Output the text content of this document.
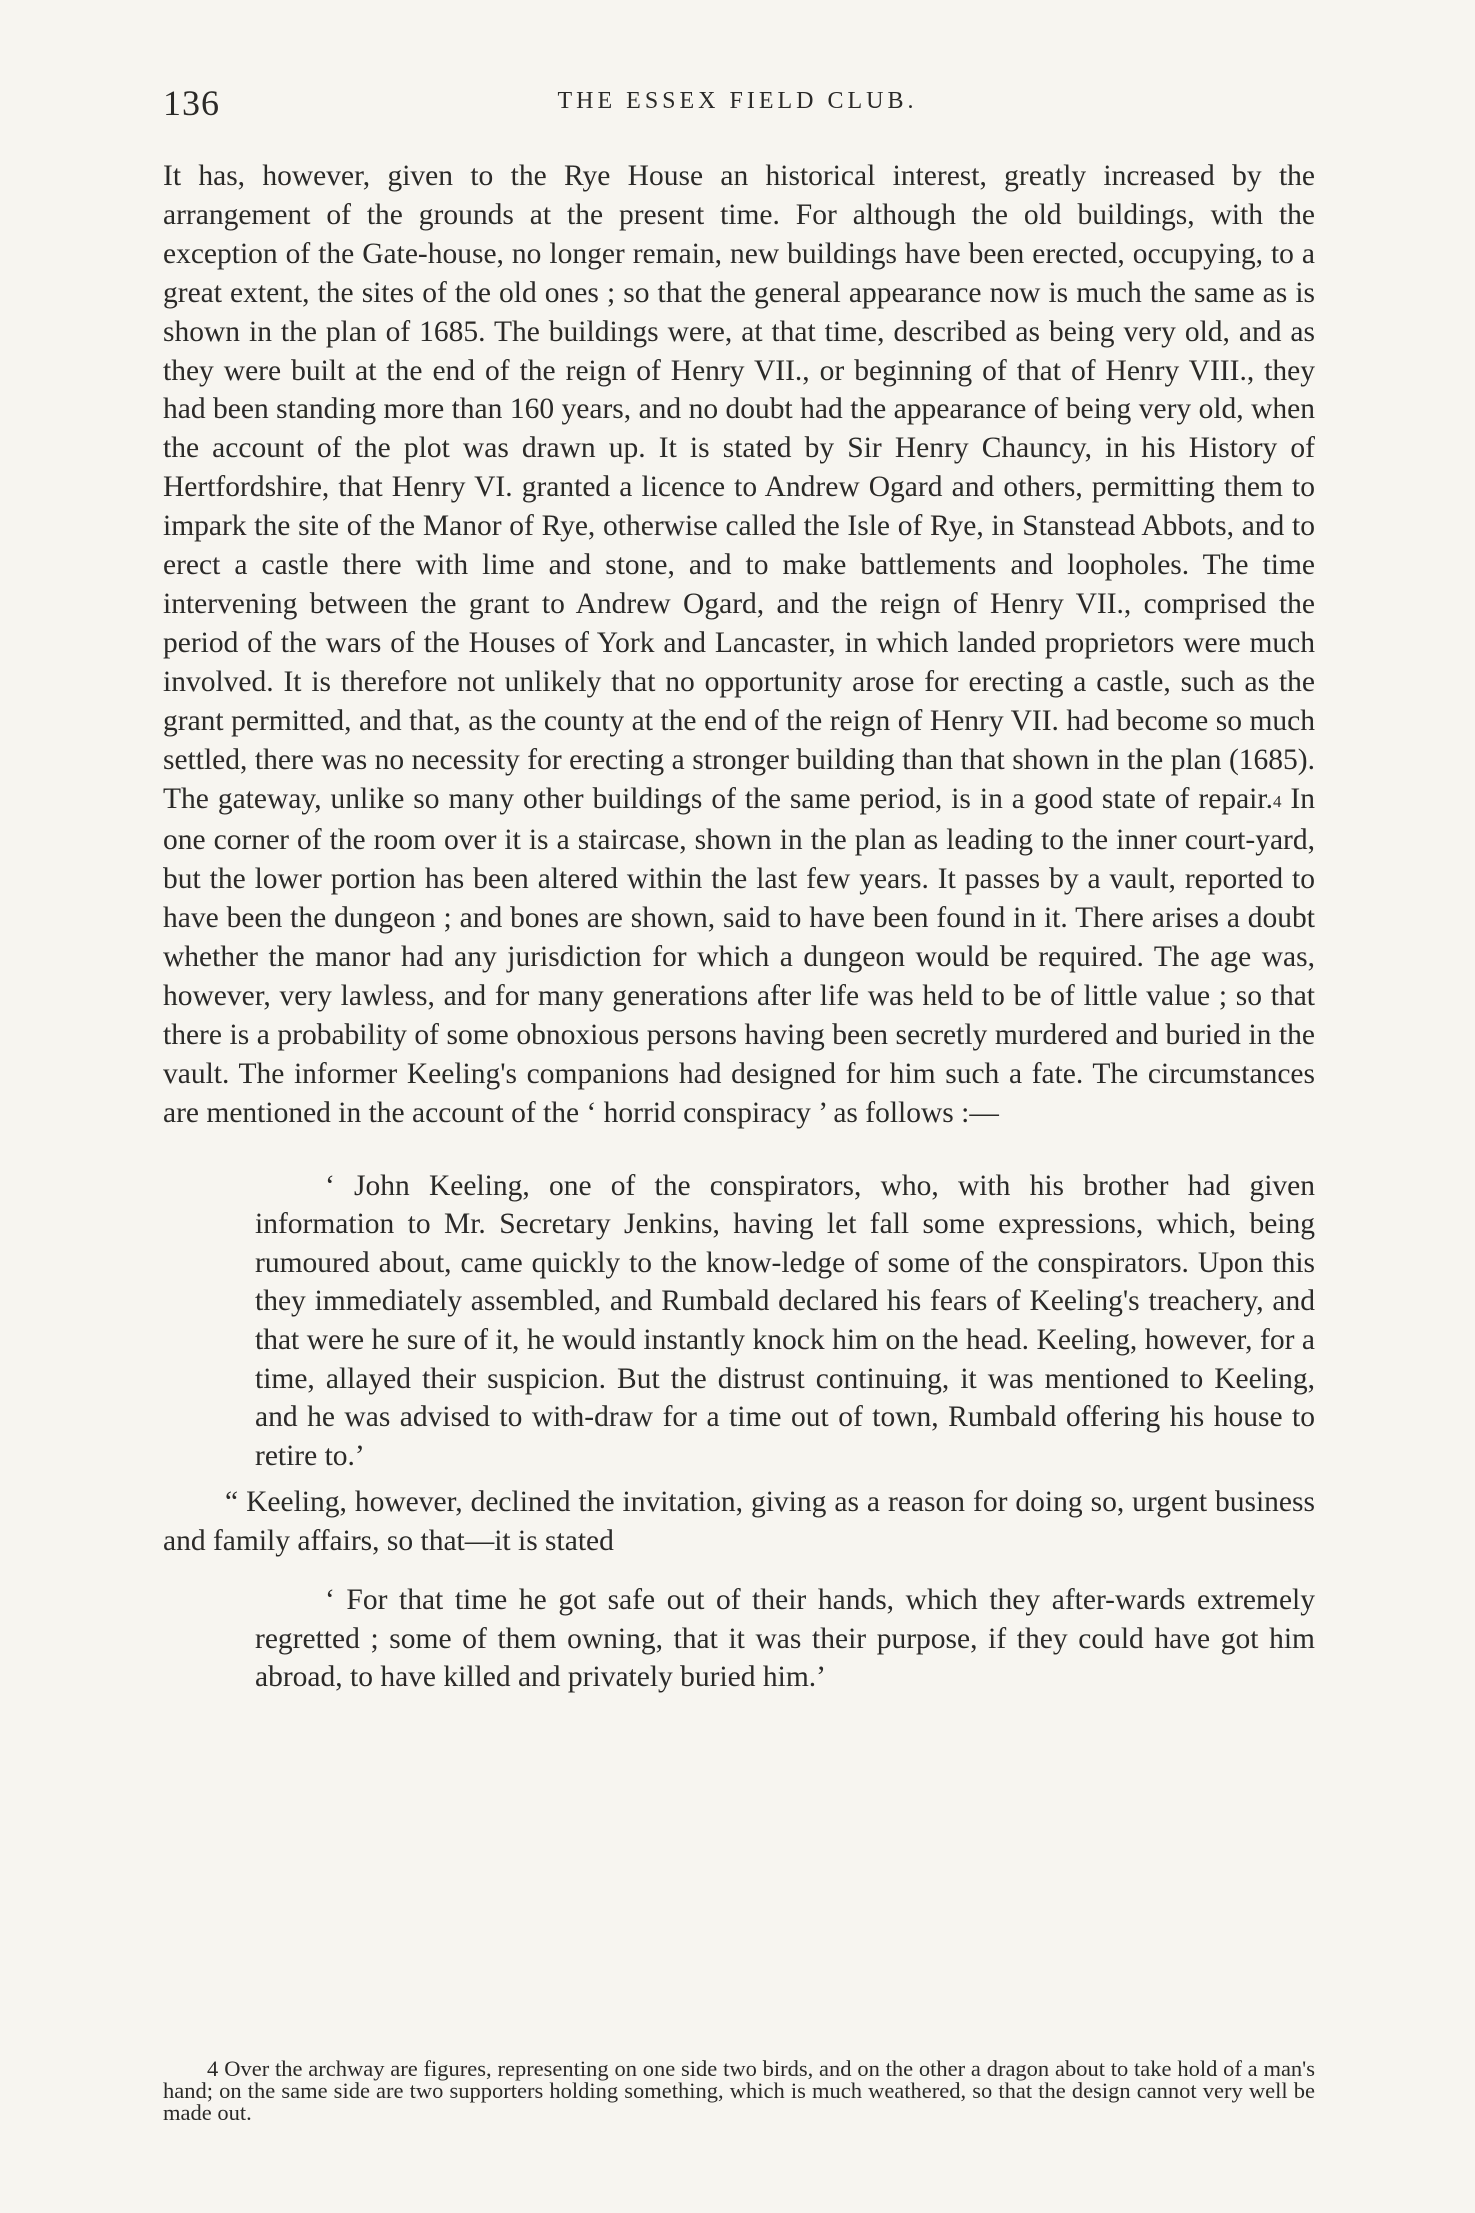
136	THE ESSEX FIELD CLUB.

It has, however, given to the Rye House an historical interest, greatly increased by the arrangement of the grounds at the present time. For although the old buildings, with the exception of the Gate-house, no longer remain, new buildings have been erected, occupying, to a great extent, the sites of the old ones ; so that the general appearance now is much the same as is shown in the plan of 1685. The buildings were, at that time, described as being very old, and as they were built at the end of the reign of Henry VII., or beginning of that of Henry VIII., they had been standing more than 160 years, and no doubt had the appearance of being very old, when the account of the plot was drawn up. It is stated by Sir Henry Chauncy, in his History of Hertfordshire, that Henry VI. granted a licence to Andrew Ogard and others, permitting them to impark the site of the Manor of Rye, otherwise called the Isle of Rye, in Stanstead Abbots, and to erect a castle there with lime and stone, and to make battlements and loopholes. The time intervening between the grant to Andrew Ogard, and the reign of Henry VII., comprised the period of the wars of the Houses of York and Lancaster, in which landed proprietors were much involved. It is therefore not unlikely that no opportunity arose for erecting a castle, such as the grant permitted, and that, as the county at the end of the reign of Henry VII. had become so much settled, there was no necessity for erecting a stronger building than that shown in the plan (1685). The gateway, unlike so many other buildings of the same period, is in a good state of repair.4 In one corner of the room over it is a staircase, shown in the plan as leading to the inner court-yard, but the lower portion has been altered within the last few years. It passes by a vault, reported to have been the dungeon ; and bones are shown, said to have been found in it. There arises a doubt whether the manor had any jurisdiction for which a dungeon would be required. The age was, however, very lawless, and for many generations after life was held to be of little value ; so that there is a probability of some obnoxious persons having been secretly murdered and buried in the vault. The informer Keeling's companions had designed for him such a fate. The circumstances are mentioned in the account of the ‘ horrid conspiracy ’ as follows :—

‘ John Keeling, one of the conspirators, who, with his brother had given information to Mr. Secretary Jenkins, having let fall some expressions, which, being rumoured about, came quickly to the know-ledge of some of the conspirators. Upon this they immediately assembled, and Rumbald declared his fears of Keeling's treachery, and that were he sure of it, he would instantly knock him on the head. Keeling, however, for a time, allayed their suspicion. But the distrust continuing, it was mentioned to Keeling, and he was advised to with-draw for a time out of town, Rumbald offering his house to retire to.’

“ Keeling, however, declined the invitation, giving as a reason for doing so, urgent business and family affairs, so that—it is stated

‘ For that time he got safe out of their hands, which they after-wards extremely regretted ; some of them owning, that it was their purpose, if they could have got him abroad, to have killed and privately buried him.’

4 Over the archway are figures, representing on one side two birds, and on the other a dragon about to take hold of a man's hand; on the same side are two supporters holding something, which is much weathered, so that the design cannot very well be made out.
